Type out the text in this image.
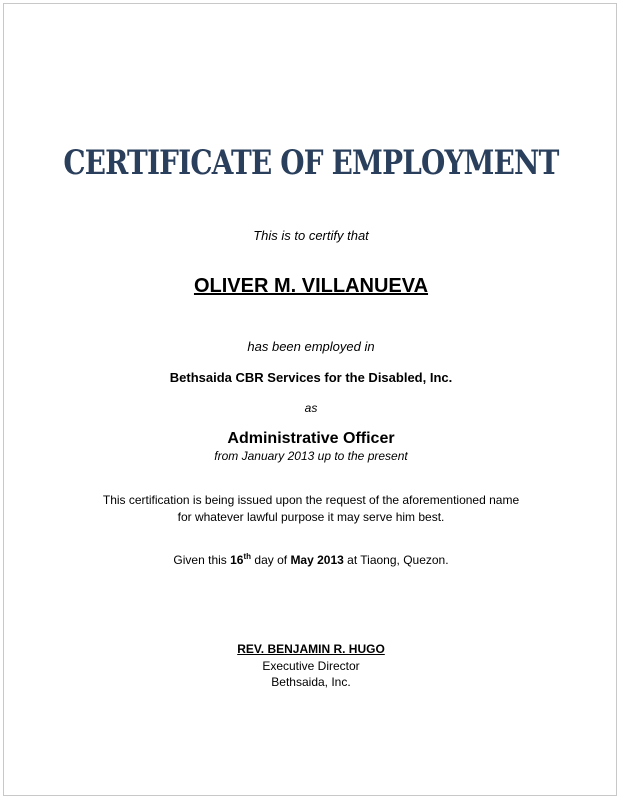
CERTIFICATE OF EMPLOYMENT
This is to certify that
OLIVER M. VILLANUEVA
has been employed in
Bethsaida CBR Services for the Disabled, Inc.
as
Administrative Officer
from January 2013 up to the present
This certification is being issued upon the request of the aforementioned name
for whatever lawful purpose it may serve him best.
Given this 16th day of May 2013 at Tiaong, Quezon.
REV. BENJAMIN R. HUGO
Executive Director
Bethsaida, Inc.
